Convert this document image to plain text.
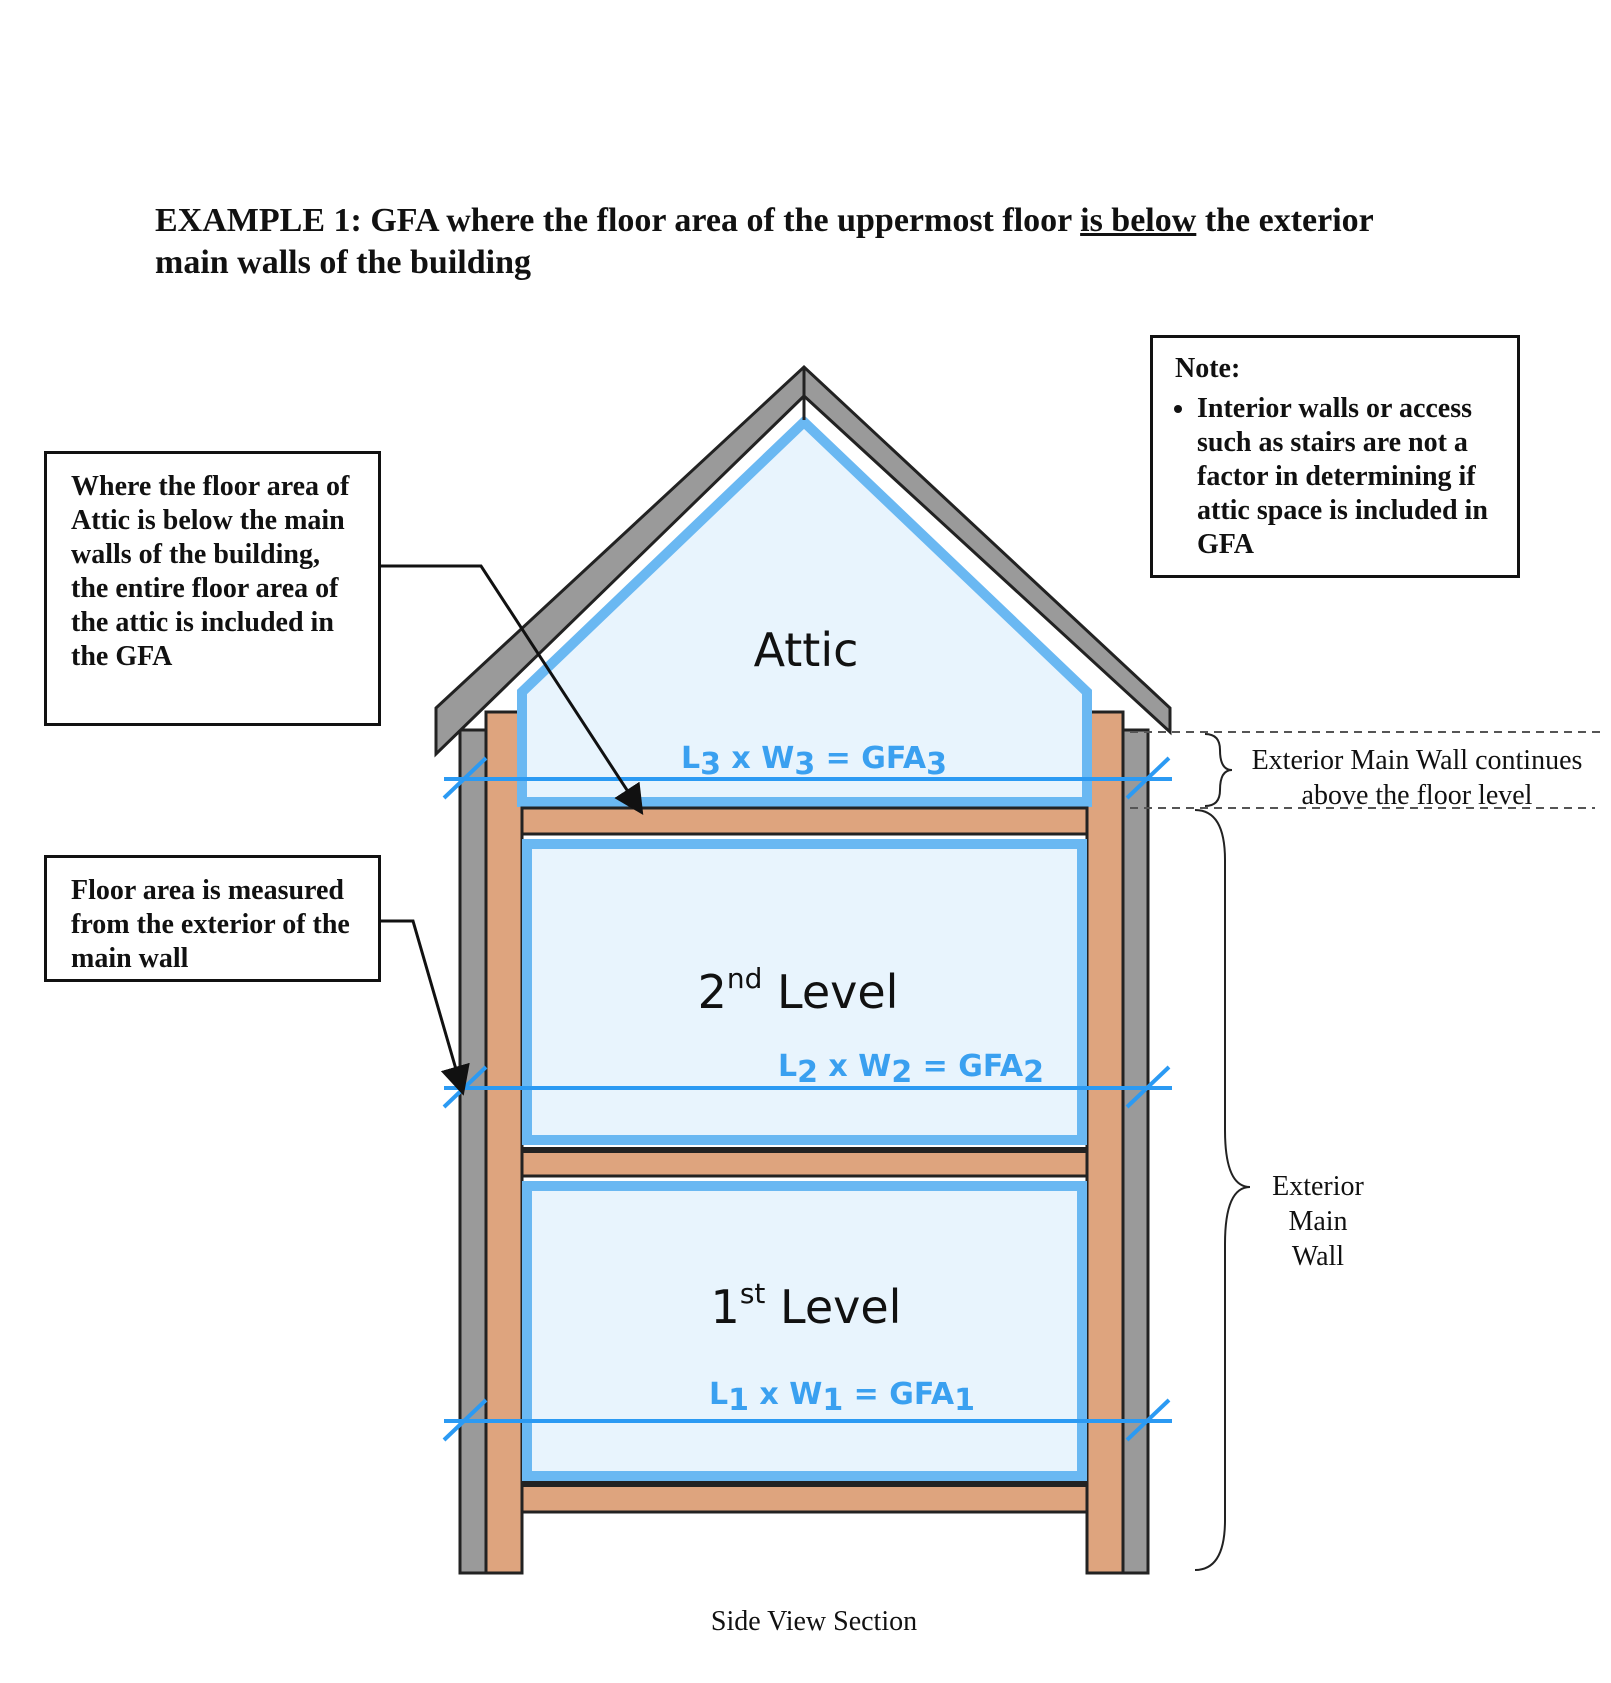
EXAMPLE 1: GFA where the floor area of the uppermost floor is below the exterior main walls of the building
Attic
2nd Level
1st Level
L3 x W3 = GFA3
L2 x W2 = GFA2
L1 x W1 = GFA1
Exterior Main Wall continues
above the floor level
Exterior
Main
Wall
Side View Section
Where the floor area of Attic is below the main walls of the building, the entire floor area of the attic is included in the GFA
Floor area is measured from the exterior of the main wall
Note:
• Interior walls or access such as stairs are not a factor in determining if attic space is included in GFA
